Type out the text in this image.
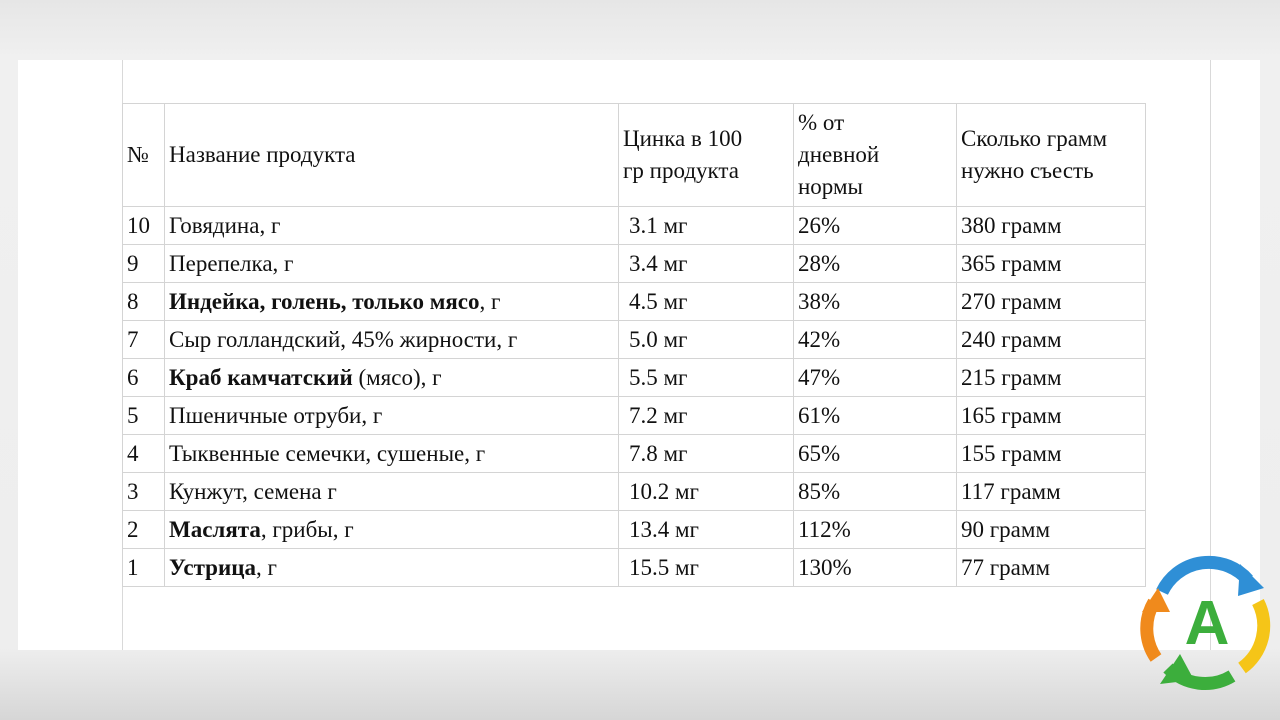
№	Название продукта	Цинка в 100 гр продукта	% от дневной нормы	Сколько грамм нужно съесть
10	Говядина, г	3.1 мг	26%	380 грамм
9	Перепелка, г	3.4 мг	28%	365 грамм
8	Индейка, голень, только мясо, г	4.5 мг	38%	270 грамм
7	Сыр голландский, 45% жирности, г	5.0 мг	42%	240 грамм
6	Краб камчатский (мясо), г	5.5 мг	47%	215 грамм
5	Пшеничные отруби, г	7.2 мг	61%	165 грамм
4	Тыквенные семечки, сушеные, г	7.8 мг	65%	155 грамм
3	Кунжут, семена г	10.2 мг	85%	117 грамм
2	Маслята, грибы, г	13.4 мг	112%	90 грамм
1	Устрица, г	15.5 мг	130%	77 грамм
A
